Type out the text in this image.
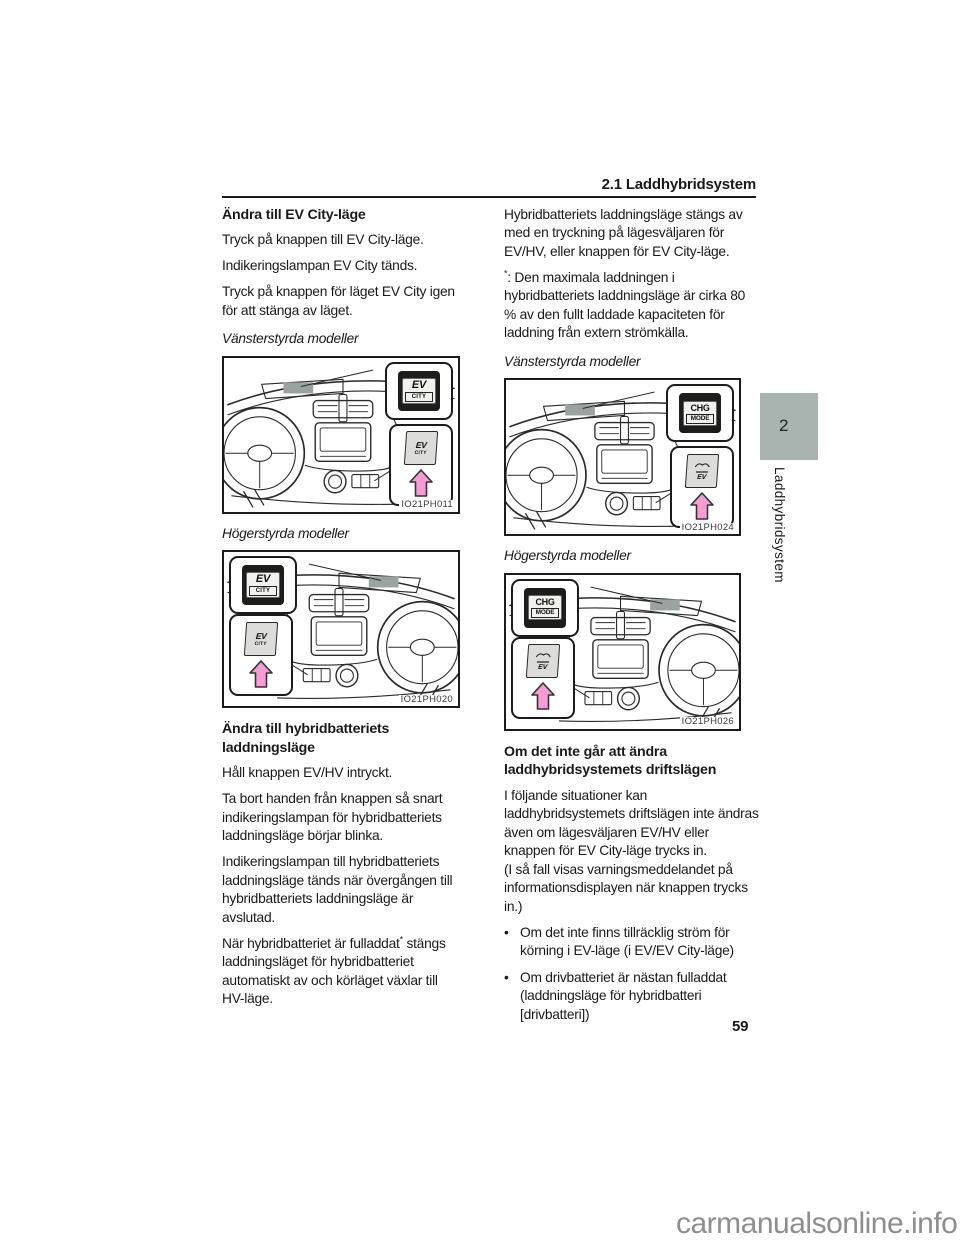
2.1 Laddhybridsystem
Ändra till EV City-läge

Tryck på knappen till EV City-läge.

Indikeringslampan EV City tänds.

Tryck på knappen för läget EV City igen för att stänga av läget.

Vänsterstyrda modeller

EV
CITY
EV
CITY
IO21PH011

Högerstyrda modeller

EV
CITY
EV
CITY
IO21PH020
Ändra till hybridbatteriets laddningsläge

Håll knappen EV/HV intryckt.

Ta bort handen från knappen så snart indikeringslampan för hybridbatteriets laddningsläge börjar blinka.

Indikeringslampan till hybridbatteriets laddningsläge tänds när övergången till hybridbatteriets laddningsläge är avslutad.

När hybridbatteriet är fulladdat* stängs laddningsläget för hybridbatteriet automatiskt av och körläget växlar till HV-läge.

Hybridbatteriets laddningsläge stängs av med en tryckning på lägesväljaren för EV/HV, eller knappen för EV City-läge.

*: Den maximala laddningen i hybridbatteriets laddningsläge är cirka 80 % av den fullt laddade kapaciteten för laddning från extern strömkälla.

Vänsterstyrda modeller

CHG
MODE
EV
IO21PH024

Högerstyrda modeller

CHG
MODE
EV
IO21PH026
Om det inte går att ändra laddhybridsystemets driftslägen

I följande situationer kan laddhybridsystemets driftslägen inte ändras även om lägesväljaren EV/HV eller knappen för EV City-läge trycks in.

(I så fall visas varningsmeddelandet på informationsdisplayen när knappen trycks in.)

• Om det inte finns tillräcklig ström för körning i EV-läge (i EV/EV City-läge)
• Om drivbatteriet är nästan fulladdat (laddningsläge för hybridbatteri [drivbatteri])
2
Laddhybridsystem
59
carmanualsonline.info
